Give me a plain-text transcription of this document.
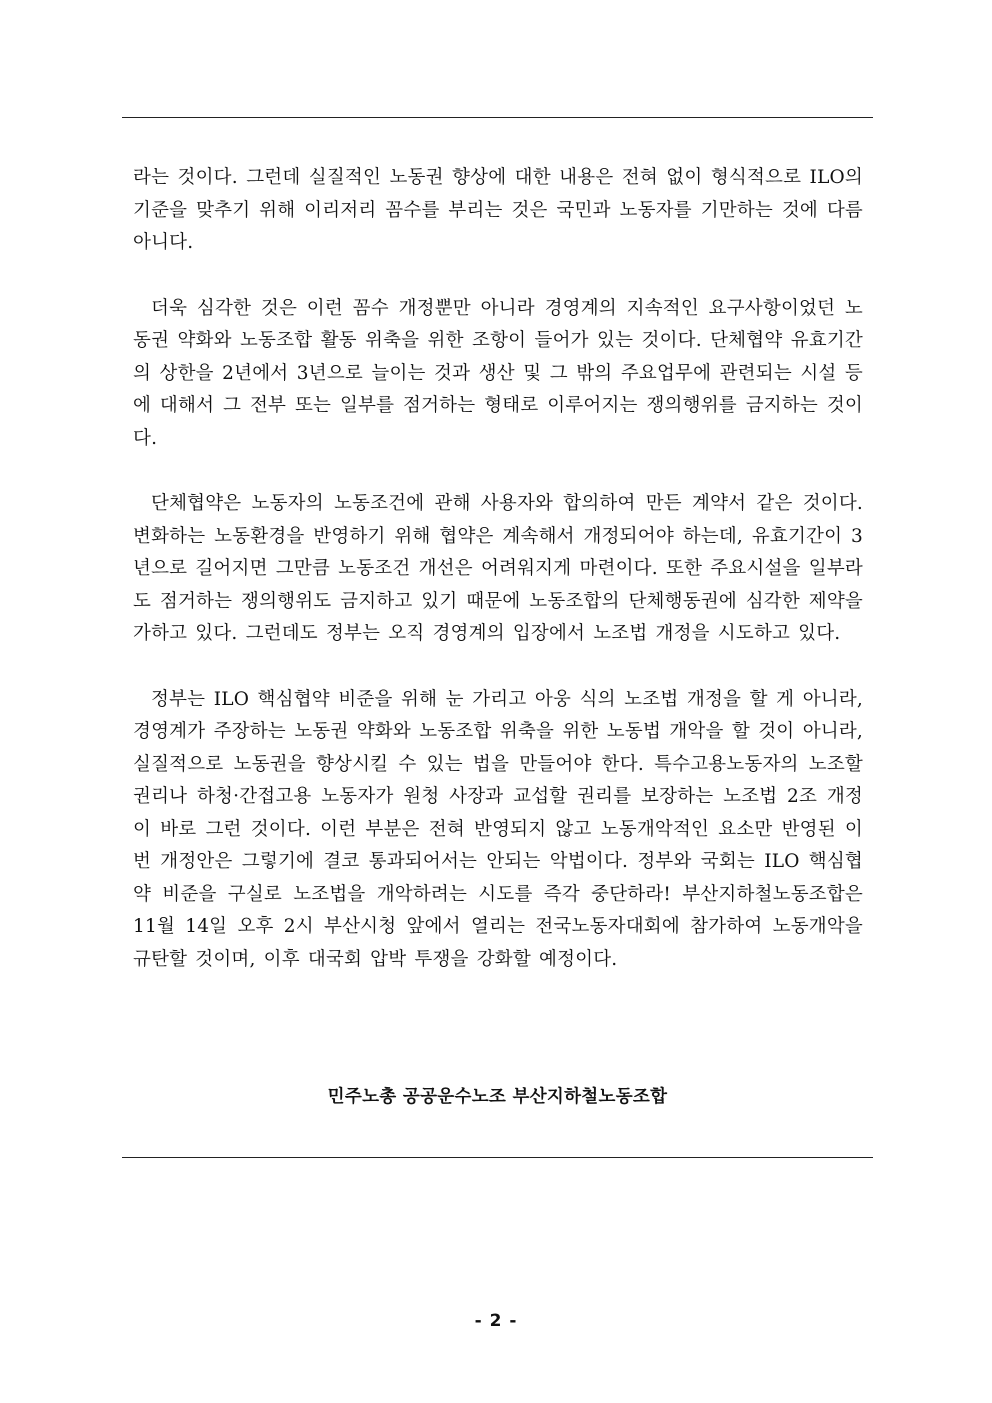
라는 것이다. 그런데 실질적인 노동권 향상에 대한 내용은 전혀 없이 형식적으로 ILO의 기준을 맞추기 위해 이리저리 꼼수를 부리는 것은 국민과 노동자를 기만하는 것에 다름 아니다.

더욱 심각한 것은 이런 꼼수 개정뿐만 아니라 경영계의 지속적인 요구사항이었던 노동권 약화와 노동조합 활동 위축을 위한 조항이 들어가 있는 것이다. 단체협약 유효기간의 상한을 2년에서 3년으로 늘이는 것과 생산 및 그 밖의 주요업무에 관련되는 시설 등에 대해서 그 전부 또는 일부를 점거하는 형태로 이루어지는 쟁의행위를 금지하는 것이다.

단체협약은 노동자의 노동조건에 관해 사용자와 합의하여 만든 계약서 같은 것이다. 변화하는 노동환경을 반영하기 위해 협약은 계속해서 개정되어야 하는데, 유효기간이 3년으로 길어지면 그만큼 노동조건 개선은 어려워지게 마련이다. 또한 주요시설을 일부라도 점거하는 쟁의행위도 금지하고 있기 때문에 노동조합의 단체행동권에 심각한 제약을 가하고 있다. 그런데도 정부는 오직 경영계의 입장에서 노조법 개정을 시도하고 있다.

정부는 ILO 핵심협약 비준을 위해 눈 가리고 아웅 식의 노조법 개정을 할 게 아니라, 경영계가 주장하는 노동권 약화와 노동조합 위축을 위한 노동법 개악을 할 것이 아니라, 실질적으로 노동권을 향상시킬 수 있는 법을 만들어야 한다. 특수고용노동자의 노조할 권리나 하청·간접고용 노동자가 원청 사장과 교섭할 권리를 보장하는 노조법 2조 개정이 바로 그런 것이다. 이런 부분은 전혀 반영되지 않고 노동개악적인 요소만 반영된 이번 개정안은 그렇기에 결코 통과되어서는 안되는 악법이다. 정부와 국회는 ILO 핵심협약 비준을 구실로 노조법을 개악하려는 시도를 즉각 중단하라! 부산지하철노동조합은 11월 14일 오후 2시 부산시청 앞에서 열리는 전국노동자대회에 참가하여 노동개악을 규탄할 것이며, 이후 대국회 압박 투쟁을 강화할 예정이다.

민주노총 공공운수노조 부산지하철노동조합
- 2 -
